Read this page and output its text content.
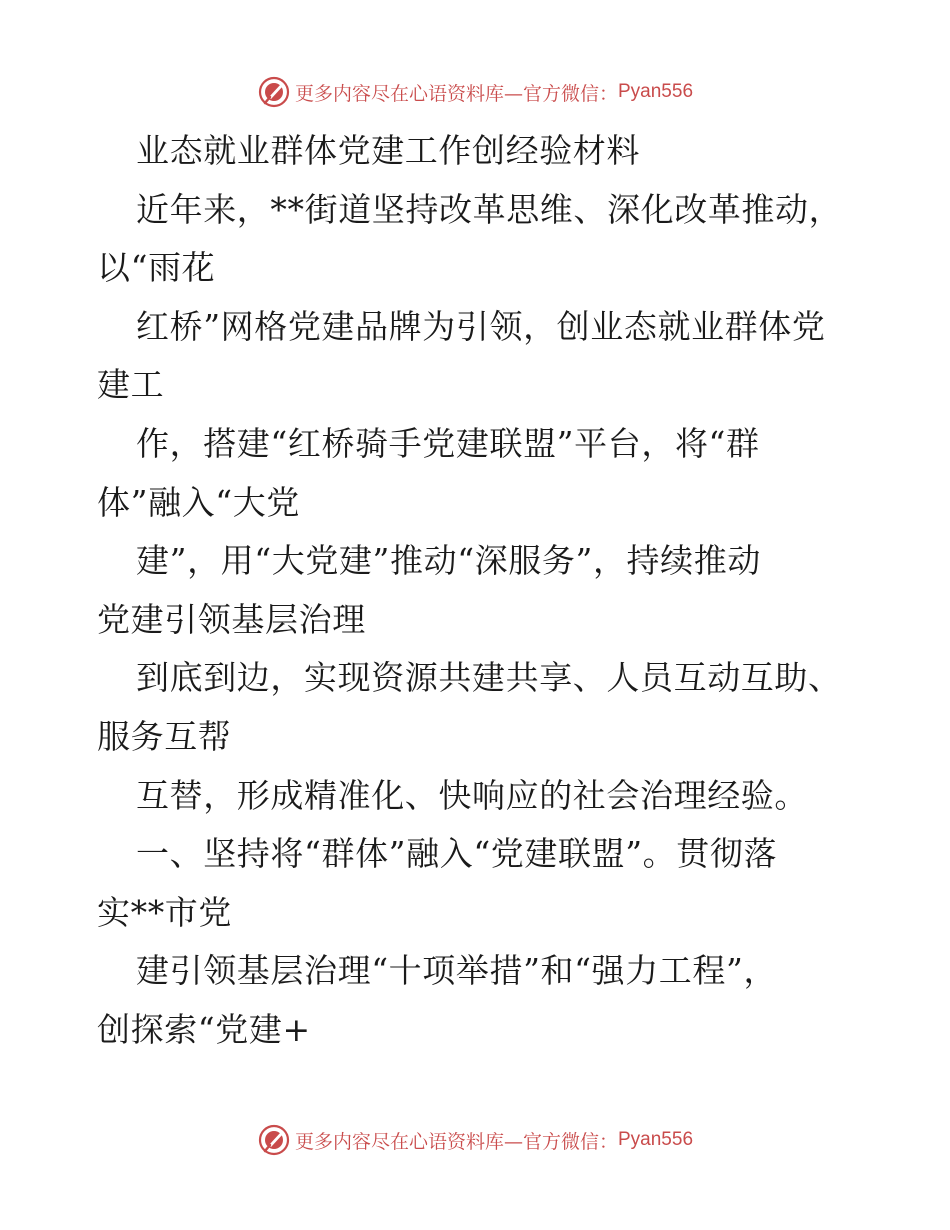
更多内容尽在心语资料库—官方微信： Pyan556
业态就业群体党建工作创经验材料
近年来，**街道坚持改革思维、深化改革推动，
以“雨花
红桥”网格党建品牌为引领，创业态就业群体党
建工
作，搭建“红桥骑手党建联盟”平台，将“群
体”融入“大党
建”，用“大党建”推动“深服务”，持续推动
党建引领基层治理
到底到边，实现资源共建共享、人员互动互助、
服务互帮
互替，形成精准化、快响应的社会治理经验。
一、坚持将“群体”融入“党建联盟”。贯彻落
实**市党
建引领基层治理“十项举措”和“强力工程”，
创探索“党建+
更多内容尽在心语资料库—官方微信： Pyan556
